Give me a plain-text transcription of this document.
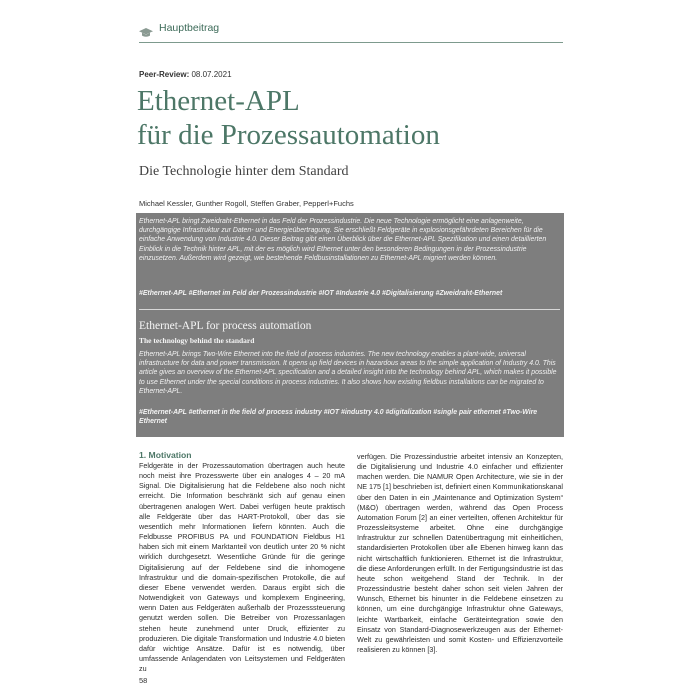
Hauptbeitrag
Peer-Review: 08.07.2021
Ethernet-APL
für die Prozessautomation
Die Technologie hinter dem Standard
Michael Kessler, Gunther Rogoll, Steffen Graber, Pepperl+Fuchs
Ethernet-APL bringt Zweidraht-Ethernet in das Feld der Prozessindustrie. Die neue Technologie ermöglicht eine anlagenweite, durchgängige Infrastruktur zur Daten- und Energieübertragung. Sie erschließt Feldgeräte in explosionsgefährdeten Bereichen für die einfache Anwendung von Industrie 4.0. Dieser Beitrag gibt einen Überblick über die Ethernet-APL Spezifikation und einen detaillierten Einblick in die Technik hinter APL, mit der es möglich wird Ethernet unter den besonderen Bedingungen in der Prozessindustrie einzusetzen. Außerdem wird gezeigt, wie bestehende Feldbusinstallationen zu Ethernet-APL migriert werden können.
#Ethernet-APL #Ethernet im Feld der Prozessindustrie #IOT #Industrie 4.0 #Digitalisierung #Zweidraht-Ethernet
Ethernet-APL for process automation
The technology behind the standard
Ethernet-APL brings Two-Wire Ethernet into the field of process industries. The new technology enables a plant-wide, universal infrastructure for data and power transmission. It opens up field devices in hazardous areas to the simple application of Industry 4.0. This article gives an overview of the Ethernet-APL specification and a detailed insight into the technology behind APL, which makes it possible to use Ethernet under the special conditions in process industries. It also shows how existing fieldbus installations can be migrated to Ethernet-APL.
#Ethernet-APL #ethernet in the field of process industry #IOT #industry 4.0 #digitalization #single pair ethernet #Two-Wire Ethernet
1. Motivation

Feldgeräte in der Prozessautomation übertragen auch heute noch meist ihre Prozesswerte über ein analoges 4 – 20 mA Signal. Die Digitalisierung hat die Feldebene also noch nicht erreicht. Die Information beschränkt sich auf genau einen übertragenen analogen Wert. Dabei verfügen heute praktisch alle Feldgeräte über das HART-Protokoll, über das sie wesentlich mehr Informationen liefern könnten. Auch die Feldbusse PROFIBUS PA und FOUNDATION Fieldbus H1 haben sich mit einem Marktanteil von deutlich unter 20 % nicht wirklich durchgesetzt. Wesentliche Gründe für die geringe Digitalisierung auf der Feldebene sind die inhomogene Infrastruktur und die domain-spezifischen Protokolle, die auf dieser Ebene verwendet werden. Daraus ergibt sich die Notwendigkeit von Gateways und komplexem Engineering, wenn Daten aus Feldgeräten außerhalb der Prozesssteuerung genutzt werden sollen. Die Betreiber von Prozessanlagen stehen heute zunehmend unter Druck, effizienter zu produzieren. Die digitale Transformation und Industrie 4.0 bieten dafür wichtige Ansätze. Dafür ist es notwendig, über umfassende Anlagendaten von Leitsystemen und Feldgeräten zu

verfügen. Die Prozessindustrie arbeitet intensiv an Konzepten, die Digitalisierung und Industrie 4.0 einfacher und effizienter machen werden. Die NAMUR Open Architecture, wie sie in der NE 175 [1] beschrieben ist, definiert einen Kommunikationskanal über den Daten in ein „Maintenance and Optimization System“ (M&O) übertragen werden, während das Open Process Automation Forum [2] an einer verteilten, offenen Architektur für Prozessleitsysteme arbeitet. Ohne eine durchgängige Infrastruktur zur schnellen Datenübertragung mit einheitlichen, standardisierten Protokollen über alle Ebenen hinweg kann das nicht wirtschaftlich funktionieren. Ethernet ist die Infrastruktur, die diese Anforderungen erfüllt. In der Fertigungsindustrie ist das heute schon weitgehend Stand der Technik. In der Prozessindustrie besteht daher schon seit vielen Jahren der Wunsch, Ethernet bis hinunter in die Feldebene einsetzen zu können, um eine durchgängige Infrastruktur ohne Gateways, leichte Wartbarkeit, einfache Geräteintegration sowie den Einsatz von Standard-Diagnosewerkzeugen aus der Ethernet-Welt zu gewährleisten und somit Kosten- und Effizienzvorteile realisieren zu können [3].

58
